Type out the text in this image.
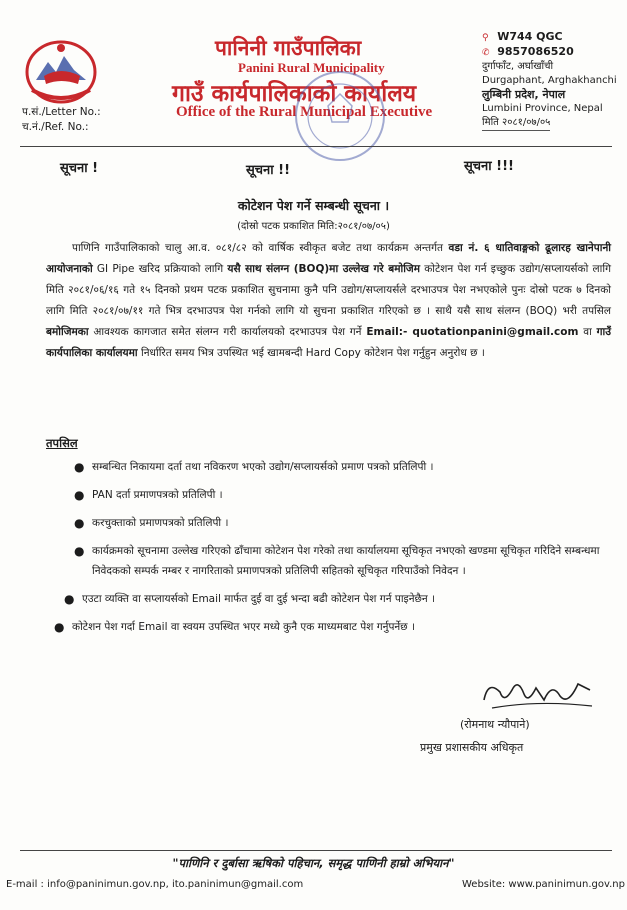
पानिनी गाउँपालिका
Panini Rural Municipality
गाउँ कार्यपालिकाको कार्यालय
Office of the Rural Municipal Executive
प.सं./Letter No.:
च.नं./Ref. No.:
⚲ W744 QGC
✆ 9857086520
दुर्गाफाँट, अर्घाखाँची
Durgaphant, Arghakhanchi
लुम्बिनी प्रदेश, नेपाल
Lumbini Province, Nepal
मिति २०८१/०७/०५
सूचना !	सूचना !!	सूचना !!!
कोटेशन पेश गर्ने सम्बन्धी सूचना ।
(दोस्रो पटक प्रकाशित मिति:२०८१/०७/०५)
पाणिनि गाउँपालिकाको चालु आ.व. ०८१/८२ को वार्षिक स्वीकृत बजेट तथा कार्यक्रम अन्तर्गत वडा नं. ६ धातिवाङ्गको ढूलारह खानेपानी आयोजनाको GI Pipe खरिद प्रक्रियाको लागि यसै साथ संलग्न (BOQ)मा उल्लेख गरे बमोजिम कोटेशन पेश गर्न इच्छुक उद्योग/सप्लायर्सको लागि मिति २०८१/०६/१६ गते १५ दिनको प्रथम पटक प्रकाशित सुचनामा कुनै पनि उद्योग/सप्लायर्सले दरभाउपत्र पेश नभएकोले पुनः दोस्रो पटक ७ दिनको लागि मिति २०८१/०७/११ गते भित्र दरभाउपत्र पेश गर्नको लागि यो सुचना प्रकाशित गरिएको छ । साथै यसै साथ संलग्न (BOQ) भरी तपसिल बमोजिमका आवश्यक कागजात समेत संलग्न गरी कार्यालयको दरभाउपत्र पेश गर्ने Email:- quotationpanini@gmail.com वा गाउँ कार्यपालिका कार्यालयमा निर्धारित समय भित्र उपस्थित भई खामबन्दी Hard Copy कोटेशन पेश गर्नुहुन अनुरोध छ ।
तपसिल
● सम्बन्धित निकायमा दर्ता तथा नविकरण भएको उद्योग/सप्लायर्सको प्रमाण पत्रको प्रतिलिपी ।
● PAN दर्ता प्रमाणपत्रको प्रतिलिपी ।
● करचुक्ताको प्रमाणपत्रको प्रतिलिपी ।
● कार्यक्रमको सूचनामा उल्लेख गरिएको ढाँचामा कोटेशन पेश गरेको तथा कार्यालयमा सूचिकृत नभएको खण्डमा सूचिकृत गरिदिने सम्बन्धमा निवेदकको सम्पर्क नम्बर र नागरिताको प्रमाणपत्रको प्रतिलिपी सहितको सूचिकृत गरिपाउँको निवेदन ।
● एउटा व्यक्ति वा सप्लायर्सको Email मार्फत दुई वा दुई भन्दा बढी कोटेशन पेश गर्न पाइनेछैन ।
● कोटेशन पेश गर्दा Email वा स्वयम उपस्थित भएर मध्ये कुनै एक माध्यमबाट पेश गर्नुपर्नेछ ।
(रोमनाथ न्यौपाने)
प्रमुख प्रशासकीय अधिकृत
"पाणिनि र दुर्बासा ऋषिको पहिचान, समृद्ध पाणिनी हाम्रो अभियान"
E-mail : info@paninimun.gov.np, ito.paninimun@gmail.com	Website: www.paninimun.gov.np
